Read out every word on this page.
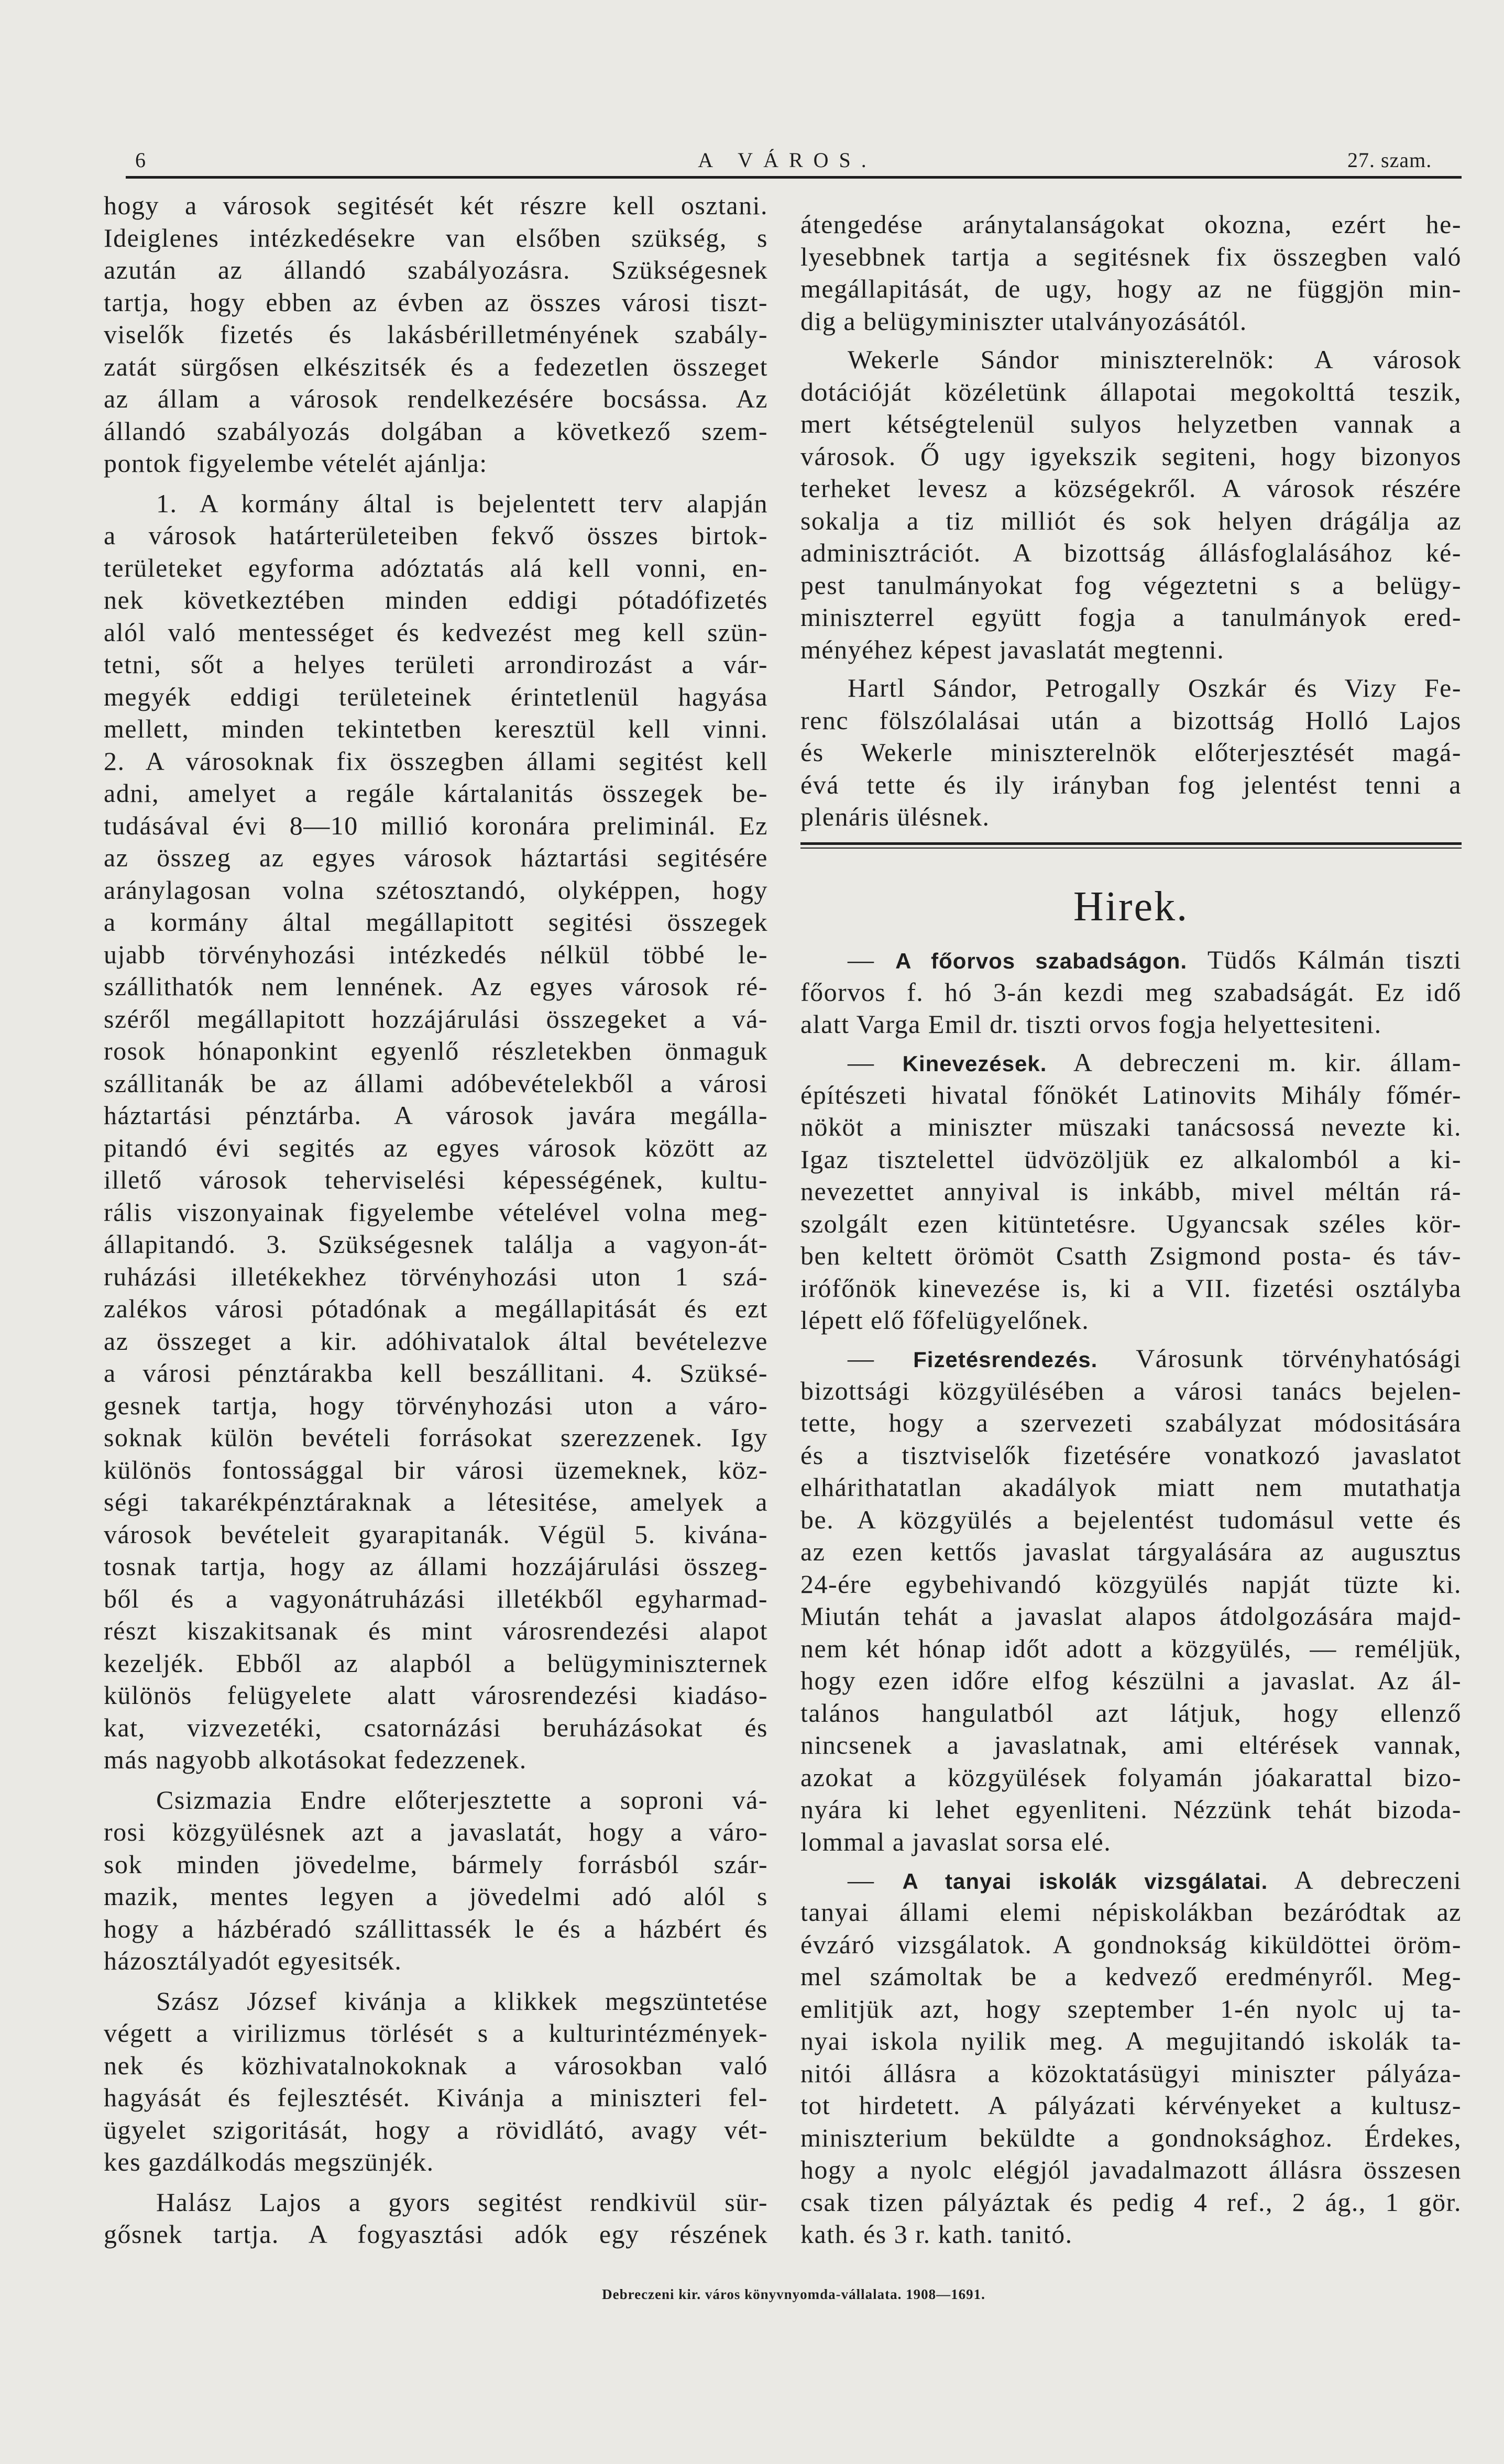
6	A VÁROS.	27. szam.
hogy a városok segitését két részre kell osztani.
Ideiglenes intézkedésekre van elsőben szükség, s
azután az állandó szabályozásra. Szükségesnek
tartja, hogy ebben az évben az összes városi tiszt-
viselők fizetés és lakásbérilletményének szabály-
zatát sürgősen elkészitsék és a fedezetlen összeget
az állam a városok rendelkezésére bocsássa. Az
állandó szabályozás dolgában a következő szem-
pontok figyelembe vételét ajánlja:
1. A kormány által is bejelentett terv alapján
a városok határterületeiben fekvő összes birtok-
területeket egyforma adóztatás alá kell vonni, en-
nek következtében minden eddigi pótadófizetés
alól való mentességet és kedvezést meg kell szün-
tetni, sőt a helyes területi arrondirozást a vár-
megyék eddigi területeinek érintetlenül hagyása
mellett, minden tekintetben keresztül kell vinni.
2. A városoknak fix összegben állami segitést kell
adni, amelyet a regále kártalanitás összegek be-
tudásával évi 8—10 millió koronára preliminál. Ez
az összeg az egyes városok háztartási segitésére
aránylagosan volna szétosztandó, olyképpen, hogy
a kormány által megállapitott segitési összegek
ujabb törvényhozási intézkedés nélkül többé le-
szállithatók nem lennének. Az egyes városok ré-
széről megállapitott hozzájárulási összegeket a vá-
rosok hónaponkint egyenlő részletekben önmaguk
szállitanák be az állami adóbevételekből a városi
háztartási pénztárba. A városok javára megálla-
pitandó évi segités az egyes városok között az
illető városok teherviselési képességének, kultu-
rális viszonyainak figyelembe vételével volna meg-
állapitandó. 3. Szükségesnek találja a vagyon-át-
ruházási illetékekhez törvényhozási uton 1 szá-
zalékos városi pótadónak a megállapitását és ezt
az összeget a kir. adóhivatalok által bevételezve
a városi pénztárakba kell beszállitani. 4. Szüksé-
gesnek tartja, hogy törvényhozási uton a váro-
soknak külön bevételi forrásokat szerezzenek. Igy
különös fontossággal bir városi üzemeknek, köz-
ségi takarékpénztáraknak a létesitése, amelyek a
városok bevételeit gyarapitanák. Végül 5. kivána-
tosnak tartja, hogy az állami hozzájárulási összeg-
ből és a vagyonátruházási illetékből egyharmad-
részt kiszakitsanak és mint városrendezési alapot
kezeljék. Ebből az alapból a belügyminiszternek
különös felügyelete alatt városrendezési kiadáso-
kat, vizvezetéki, csatornázási beruházásokat és
más nagyobb alkotásokat fedezzenek.
Csizmazia Endre előterjesztette a soproni vá-
rosi közgyülésnek azt a javaslatát, hogy a váro-
sok minden jövedelme, bármely forrásból szár-
mazik, mentes legyen a jövedelmi adó alól s
hogy a házbéradó szállittassék le és a házbért és
házosztályadót egyesitsék.
Szász József kivánja a klikkek megszüntetése
végett a virilizmus törlését s a kulturintézmények-
nek és közhivatalnokoknak a városokban való
hagyását és fejlesztését. Kivánja a miniszteri fel-
ügyelet szigoritását, hogy a rövidlátó, avagy vét-
kes gazdálkodás megszünjék.
Halász Lajos a gyors segitést rendkivül sür-
gősnek tartja. A fogyasztási adók egy részének
átengedése aránytalanságokat okozna, ezért he-
lyesebbnek tartja a segitésnek fix összegben való
megállapitását, de ugy, hogy az ne függjön min-
dig a belügyminiszter utalványozásától.
Wekerle Sándor miniszterelnök: A városok
dotációját közéletünk állapotai megokolttá teszik,
mert kétségtelenül sulyos helyzetben vannak a
városok. Ő ugy igyekszik segiteni, hogy bizonyos
terheket levesz a községekről. A városok részére
sokalja a tiz milliót és sok helyen drágálja az
adminisztrációt. A bizottság állásfoglalásához ké-
pest tanulmányokat fog végeztetni s a belügy-
miniszterrel együtt fogja a tanulmányok ered-
ményéhez képest javaslatát megtenni.
Hartl Sándor, Petrogally Oszkár és Vizy Fe-
renc fölszólalásai után a bizottság Holló Lajos
és Wekerle miniszterelnök előterjesztését magá-
évá tette és ily irányban fog jelentést tenni a
plenáris ülésnek.
Hirek.
— A főorvos szabadságon. Tüdős Kálmán tiszti
főorvos f. hó 3-án kezdi meg szabadságát. Ez idő
alatt Varga Emil dr. tiszti orvos fogja helyettesiteni.
— Kinevezések. A debreczeni m. kir. állam-
építészeti hivatal főnökét Latinovits Mihály főmér-
nököt a miniszter müszaki tanácsossá nevezte ki.
Igaz tisztelettel üdvözöljük ez alkalomból a ki-
nevezettet annyival is inkább, mivel méltán rá-
szolgált ezen kitüntetésre. Ugyancsak széles kör-
ben keltett örömöt Csatth Zsigmond posta- és táv-
irófőnök kinevezése is, ki a VII. fizetési osztályba
lépett elő főfelügyelőnek.
— Fizetésrendezés. Városunk törvényhatósági
bizottsági közgyülésében a városi tanács bejelen-
tette, hogy a szervezeti szabályzat módositására
és a tisztviselők fizetésére vonatkozó javaslatot
elhárithatatlan akadályok miatt nem mutathatja
be. A közgyülés a bejelentést tudomásul vette és
az ezen kettős javaslat tárgyalására az augusztus
24-ére egybehivandó közgyülés napját tüzte ki.
Miután tehát a javaslat alapos átdolgozására majd-
nem két hónap időt adott a közgyülés, — reméljük,
hogy ezen időre elfog készülni a javaslat. Az ál-
talános hangulatból azt látjuk, hogy ellenző
nincsenek a javaslatnak, ami eltérések vannak,
azokat a közgyülések folyamán jóakarattal bizo-
nyára ki lehet egyenliteni. Nézzünk tehát bizoda-
lommal a javaslat sorsa elé.
— A tanyai iskolák vizsgálatai. A debreczeni
tanyai állami elemi népiskolákban bezáródtak az
évzáró vizsgálatok. A gondnokság kiküldöttei öröm-
mel számoltak be a kedvező eredményről. Meg-
emlitjük azt, hogy szeptember 1-én nyolc uj ta-
nyai iskola nyilik meg. A megujitandó iskolák ta-
nitói állásra a közoktatásügyi miniszter pályáza-
tot hirdetett. A pályázati kérvényeket a kultusz-
miniszterium beküldte a gondnoksághoz. Érdekes,
hogy a nyolc elégjól javadalmazott állásra összesen
csak tizen pályáztak és pedig 4 ref., 2 ág., 1 gör.
kath. és 3 r. kath. tanitó.
Debreczeni kir. város könyvnyomda-vállalata. 1908—1691.
